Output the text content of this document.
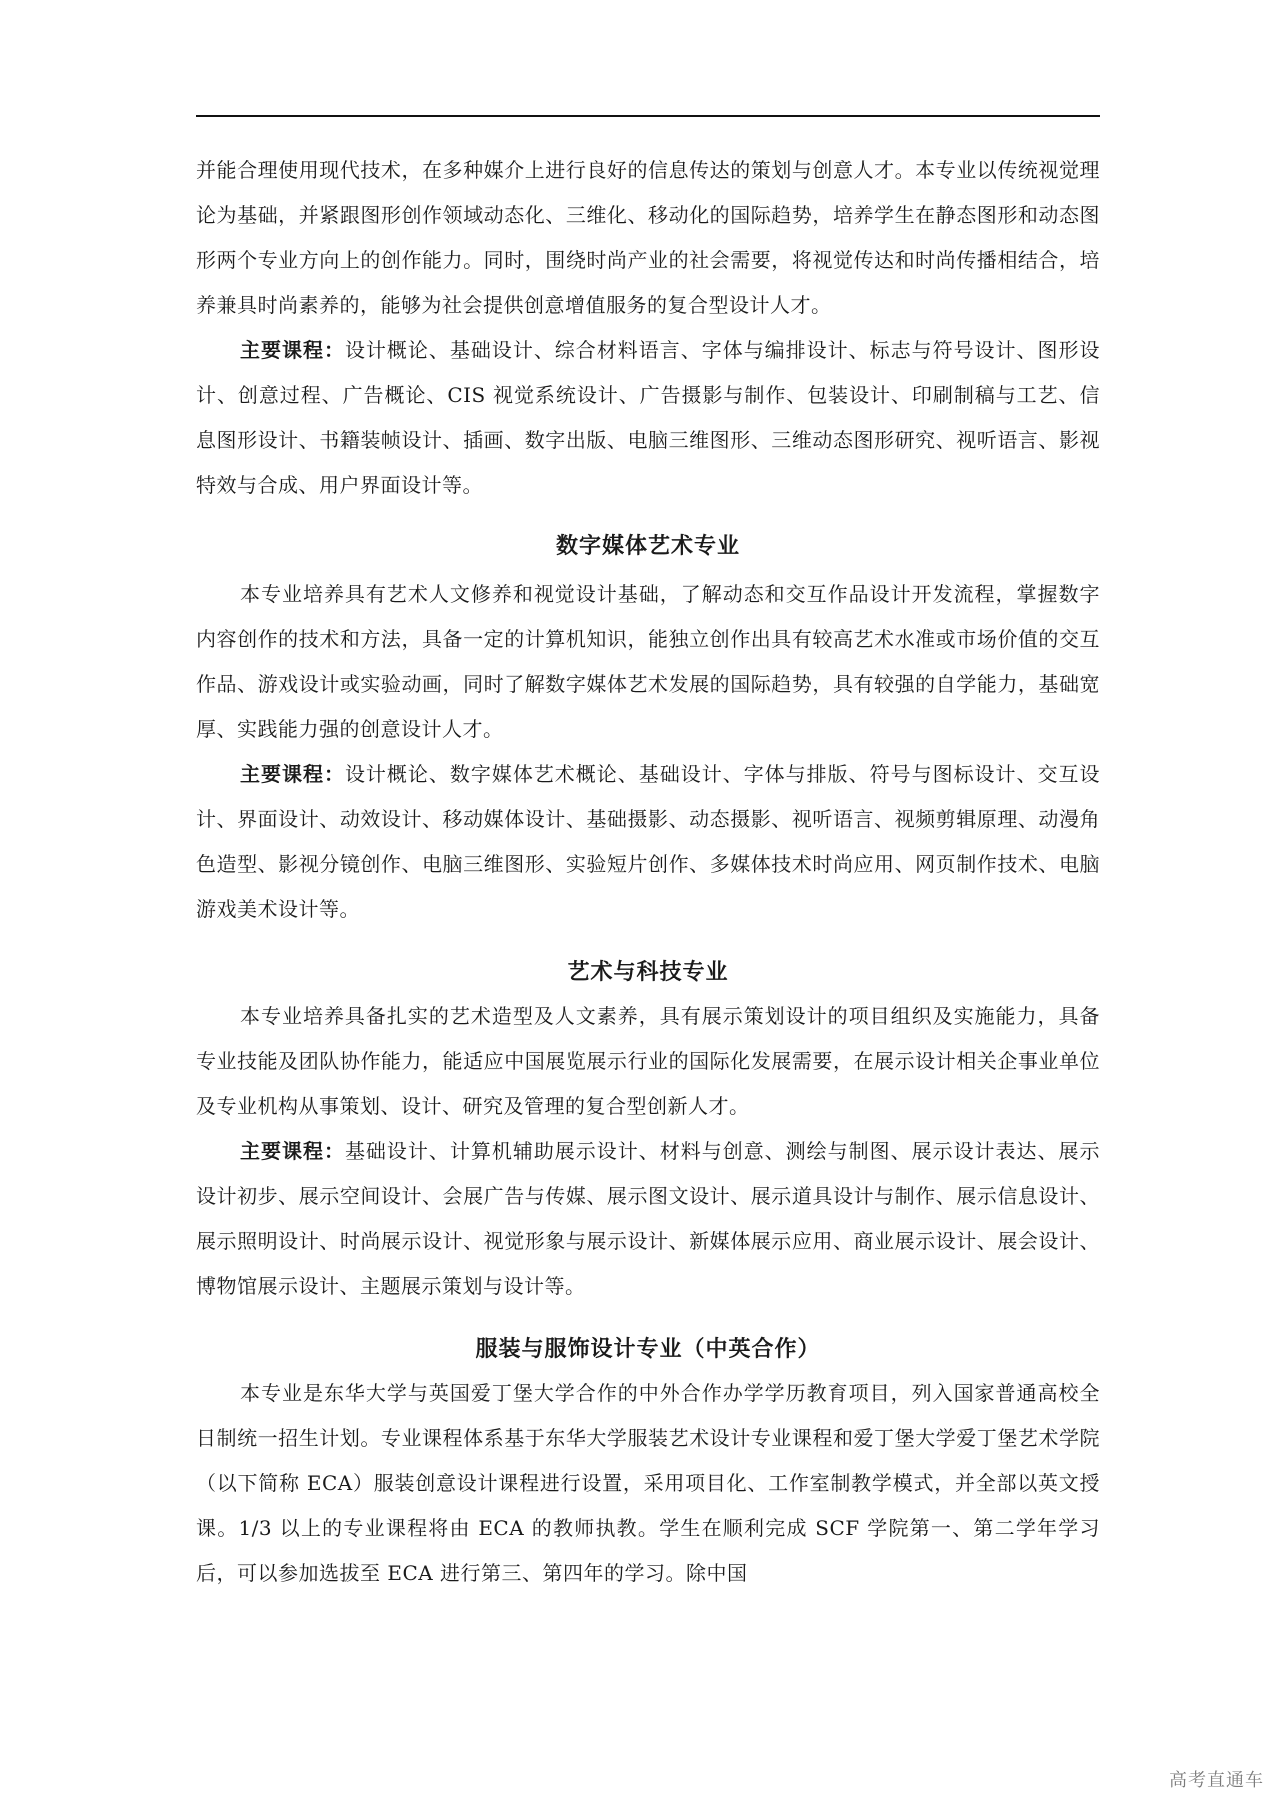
并能合理使用现代技术，在多种媒介上进行良好的信息传达的策划与创意人才。本专业以传统视觉理论为基础，并紧跟图形创作领域动态化、三维化、移动化的国际趋势，培养学生在静态图形和动态图形两个专业方向上的创作能力。同时，围绕时尚产业的社会需要，将视觉传达和时尚传播相结合，培养兼具时尚素养的，能够为社会提供创意增值服务的复合型设计人才。

主要课程：设计概论、基础设计、综合材料语言、字体与编排设计、标志与符号设计、图形设计、创意过程、广告概论、CIS 视觉系统设计、广告摄影与制作、包装设计、印刷制稿与工艺、信息图形设计、书籍装帧设计、插画、数字出版、电脑三维图形、三维动态图形研究、视听语言、影视特效与合成、用户界面设计等。

数字媒体艺术专业

本专业培养具有艺术人文修养和视觉设计基础，了解动态和交互作品设计开发流程，掌握数字内容创作的技术和方法，具备一定的计算机知识，能独立创作出具有较高艺术水准或市场价值的交互作品、游戏设计或实验动画，同时了解数字媒体艺术发展的国际趋势，具有较强的自学能力，基础宽厚、实践能力强的创意设计人才。

主要课程：设计概论、数字媒体艺术概论、基础设计、字体与排版、符号与图标设计、交互设计、界面设计、动效设计、移动媒体设计、基础摄影、动态摄影、视听语言、视频剪辑原理、动漫角色造型、影视分镜创作、电脑三维图形、实验短片创作、多媒体技术时尚应用、网页制作技术、电脑游戏美术设计等。

艺术与科技专业

本专业培养具备扎实的艺术造型及人文素养，具有展示策划设计的项目组织及实施能力，具备专业技能及团队协作能力，能适应中国展览展示行业的国际化发展需要，在展示设计相关企事业单位及专业机构从事策划、设计、研究及管理的复合型创新人才。

主要课程：基础设计、计算机辅助展示设计、材料与创意、测绘与制图、展示设计表达、展示设计初步、展示空间设计、会展广告与传媒、展示图文设计、展示道具设计与制作、展示信息设计、展示照明设计、时尚展示设计、视觉形象与展示设计、新媒体展示应用、商业展示设计、展会设计、博物馆展示设计、主题展示策划与设计等。

服装与服饰设计专业（中英合作）

本专业是东华大学与英国爱丁堡大学合作的中外合作办学学历教育项目，列入国家普通高校全日制统一招生计划。专业课程体系基于东华大学服装艺术设计专业课程和爱丁堡大学爱丁堡艺术学院（以下简称 ECA）服装创意设计课程进行设置，采用项目化、工作室制教学模式，并全部以英文授课。1/3 以上的专业课程将由 ECA 的教师执教。学生在顺利完成 SCF 学院第一、第二学年学习后，可以参加选拔至 ECA 进行第三、第四年的学习。除中国

高考直通车
